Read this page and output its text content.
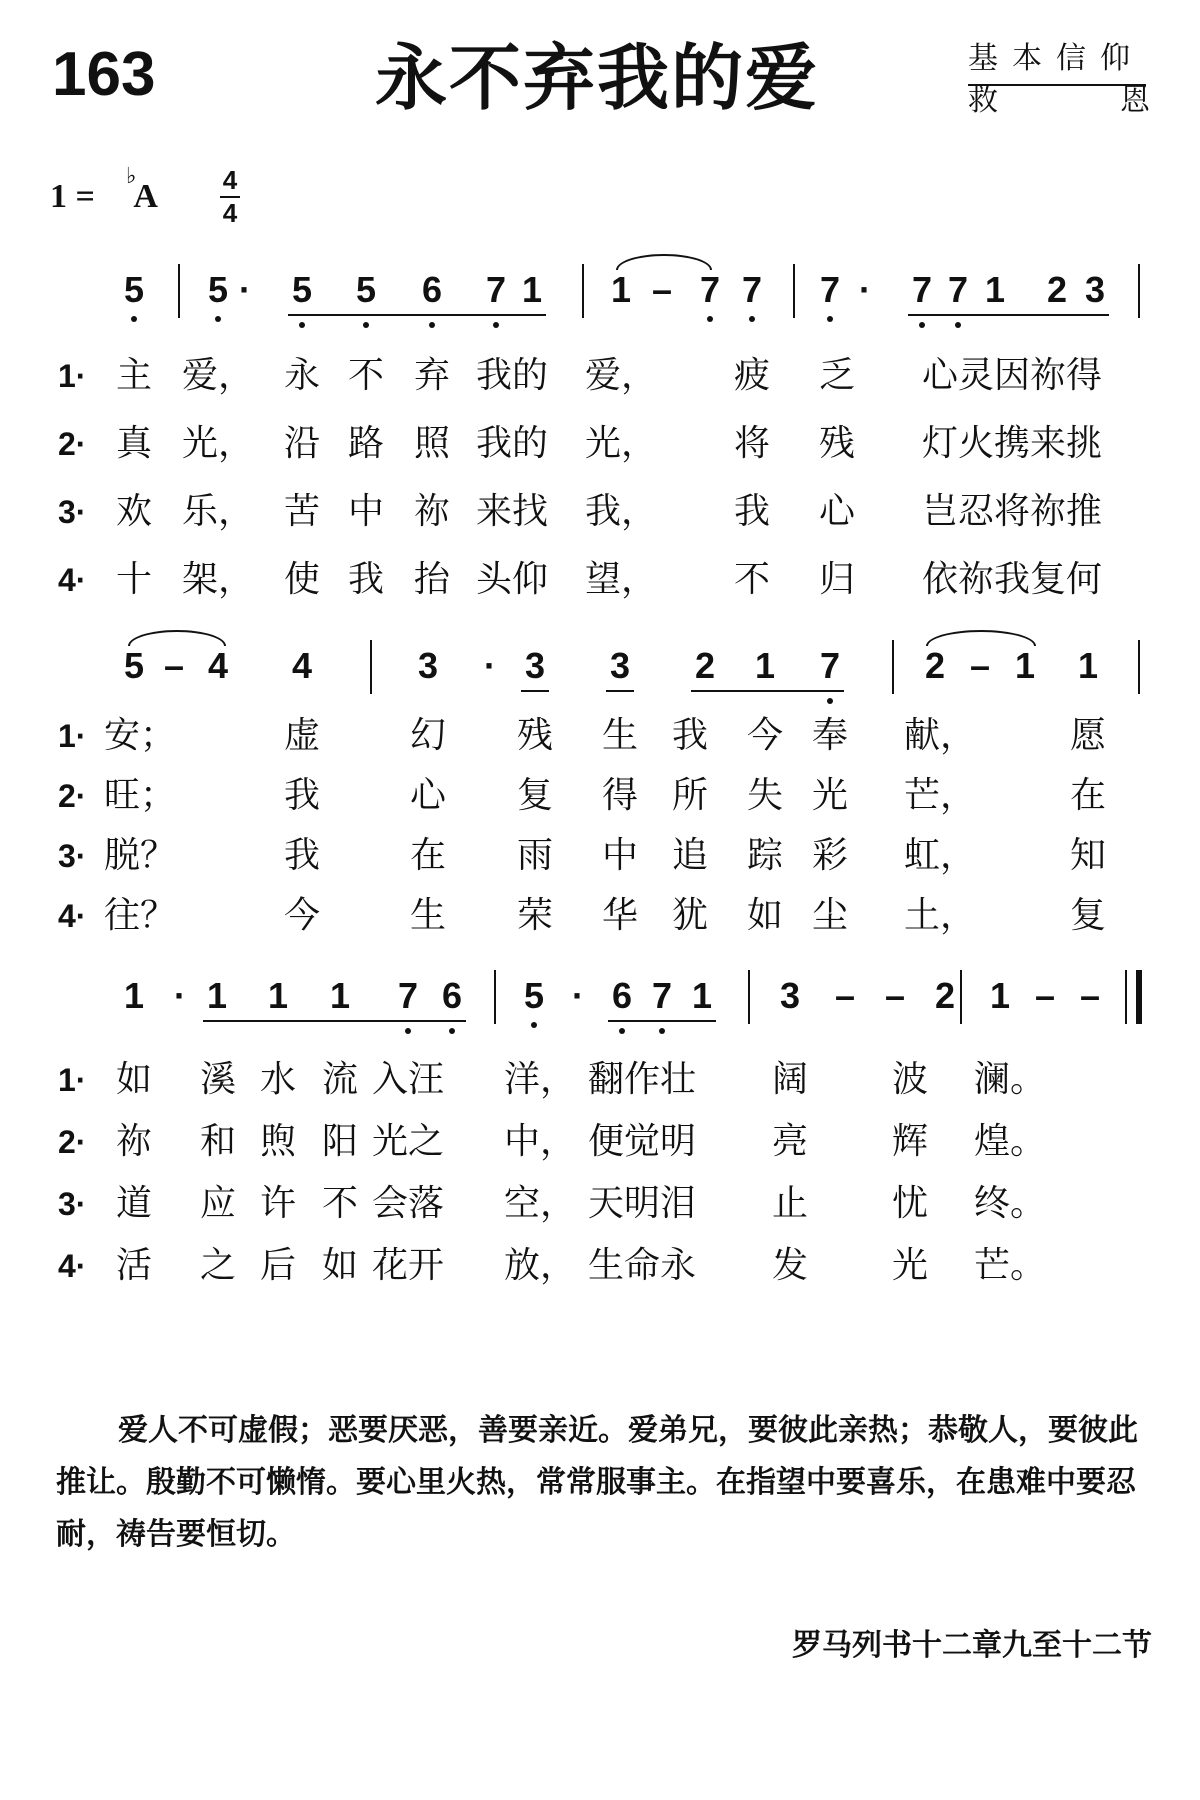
163	永不弃我的爱	基本信仰
救	恩
1 = A
♭	4
4
5 5 · 5 5 6 7 1 1 – 7 7 7 · 7 7 1 2 3
1· 主 爱， 永 不 弃 我的 爱， 疲 乏 心灵因祢得
2· 真 光， 沿 路 照 我的 光， 将 残 灯火携来挑
3· 欢 乐， 苦 中 祢 来找 我， 我 心 岂忍将祢推
4· 十 架， 使 我 抬 头仰 望， 不 归 依祢我复何
5 – 4 4	3 · 3 3 2 1 7 2 – 1 1
1· 安；	虚 幻 残 生 我 今 奉 献，	愿
2· 旺；	我 心 复 得 所 失 光 芒，	在
3· 脱？	我 在 雨 中 追 踪 彩 虹，	知
4· 往？	今 生 荣 华 犹 如 尘 土，	复
1 · 1 1 1 7 6 5 · 6 7 1 3 – – 2 1 – –
1· 如 溪 水 流 入汪 洋， 翻作壮 阔 波 澜。
2· 祢 和 煦 阳 光之 中， 便觉明 亮 辉 煌。
3· 道 应 许 不 会落 空， 天明泪 止 忧 终。
4· 活 之 后 如 花开 放， 生命永 发 光 芒。
爱人不可虚假；恶要厌恶，善要亲近。爱弟兄，要彼此亲热；恭敬人，要彼此推让。殷勤不可懒惰。要心里火热，常常服事主。在指望中要喜乐，在患难中要忍耐，祷告要恒切。
罗马列书十二章九至十二节
